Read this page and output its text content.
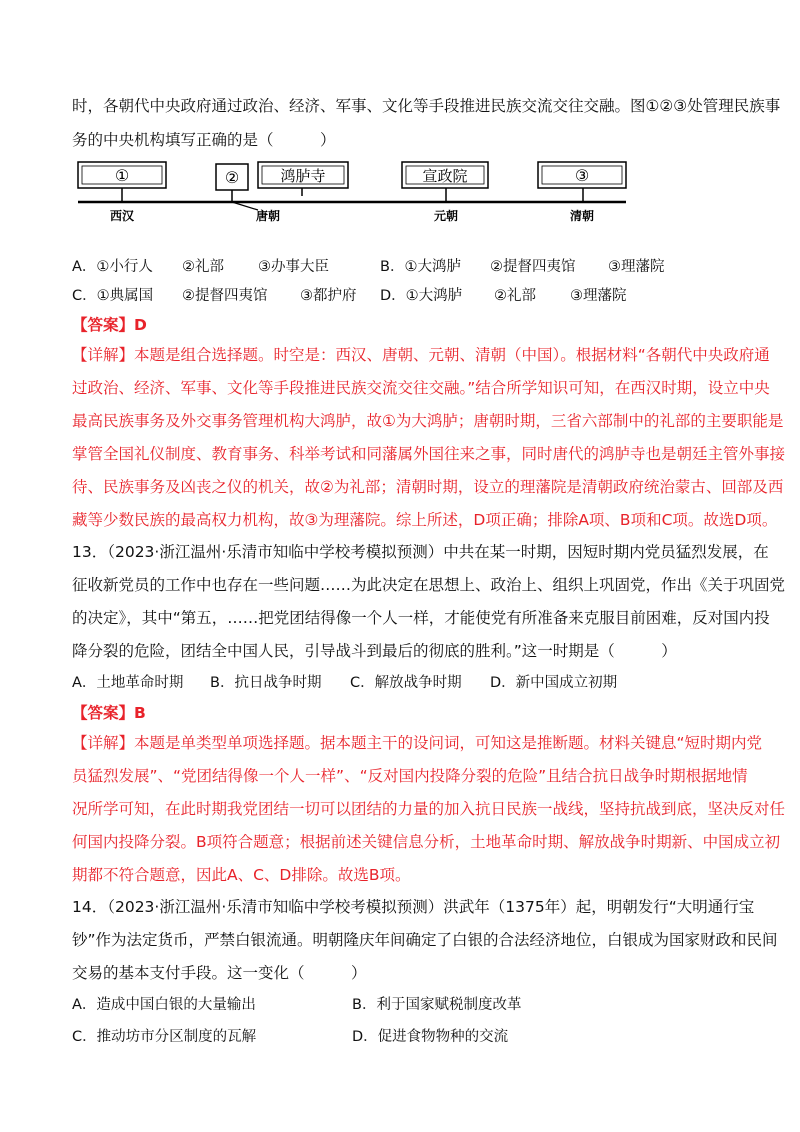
时，各朝代中央政府通过政治、经济、军事、文化等手段推进民族交流交往交融。图①②③处管理民族事
务的中央机构填写正确的是（　　　）
①	②	鸿胪寺	宣政院	③
西汉	唐朝	元朝	清朝
A．①小行人 ②礼部 ③办事大臣	B．①大鸿胪 ②提督四夷馆 ③理藩院
C．①典属国 ②提督四夷馆 ③都护府 D．①大鸿胪 ②礼部 ③理藩院
【答案】D
【详解】本题是组合选择题。时空是：西汉、唐朝、元朝、清朝（中国）。根据材料“各朝代中央政府通
过政治、经济、军事、文化等手段推进民族交流交往交融。”结合所学知识可知，在西汉时期，设立中央
最高民族事务及外交事务管理机构大鸿胪，故①为大鸿胪；唐朝时期，三省六部制中的礼部的主要职能是
掌管全国礼仪制度、教育事务、科举考试和同藩属外国往来之事，同时唐代的鸿胪寺也是朝廷主管外事接
待、民族事务及凶丧之仪的机关，故②为礼部；清朝时期，设立的理藩院是清朝政府统治蒙古、回部及西
藏等少数民族的最高权力机构，故③为理藩院。综上所述，D项正确；排除A项、B项和C项。故选D项。
13．（2023·浙江温州·乐清市知临中学校考模拟预测）中共在某一时期，因短时期内党员猛烈发展，在
征收新党员的工作中也存在一些问题……为此决定在思想上、政治上、组织上巩固党，作出《关于巩固党
的决定》，其中“第五，……把党团结得像一个人一样，才能使党有所准备来克服目前困难，反对国内投
降分裂的危险，团结全中国人民，引导战斗到最后的彻底的胜利。”这一时期是（　　　）
A．土地革命时期 B．抗日战争时期 C．解放战争时期 D．新中国成立初期
【答案】B
【详解】本题是单类型单项选择题。据本题主干的设问词，可知这是推断题。材料关键息“短时期内党
员猛烈发展”、“党团结得像一个人一样”、“反对国内投降分裂的危险”且结合抗日战争时期根据地情
况所学可知，在此时期我党团结一切可以团结的力量的加入抗日民族一战线，坚持抗战到底，坚决反对任
何国内投降分裂。B项符合题意；根据前述关键信息分析，土地革命时期、解放战争时期新、中国成立初
期都不符合题意，因此A、C、D排除。故选B项。
14．（2023·浙江温州·乐清市知临中学校考模拟预测）洪武年（1375年）起，明朝发行“大明通行宝
钞”作为法定货币，严禁白银流通。明朝隆庆年间确定了白银的合法经济地位，白银成为国家财政和民间
交易的基本支付手段。这一变化（　　　）
A．造成中国白银的大量输出	B．利于国家赋税制度改革
C．推动坊市分区制度的瓦解	D．促进食物物种的交流
